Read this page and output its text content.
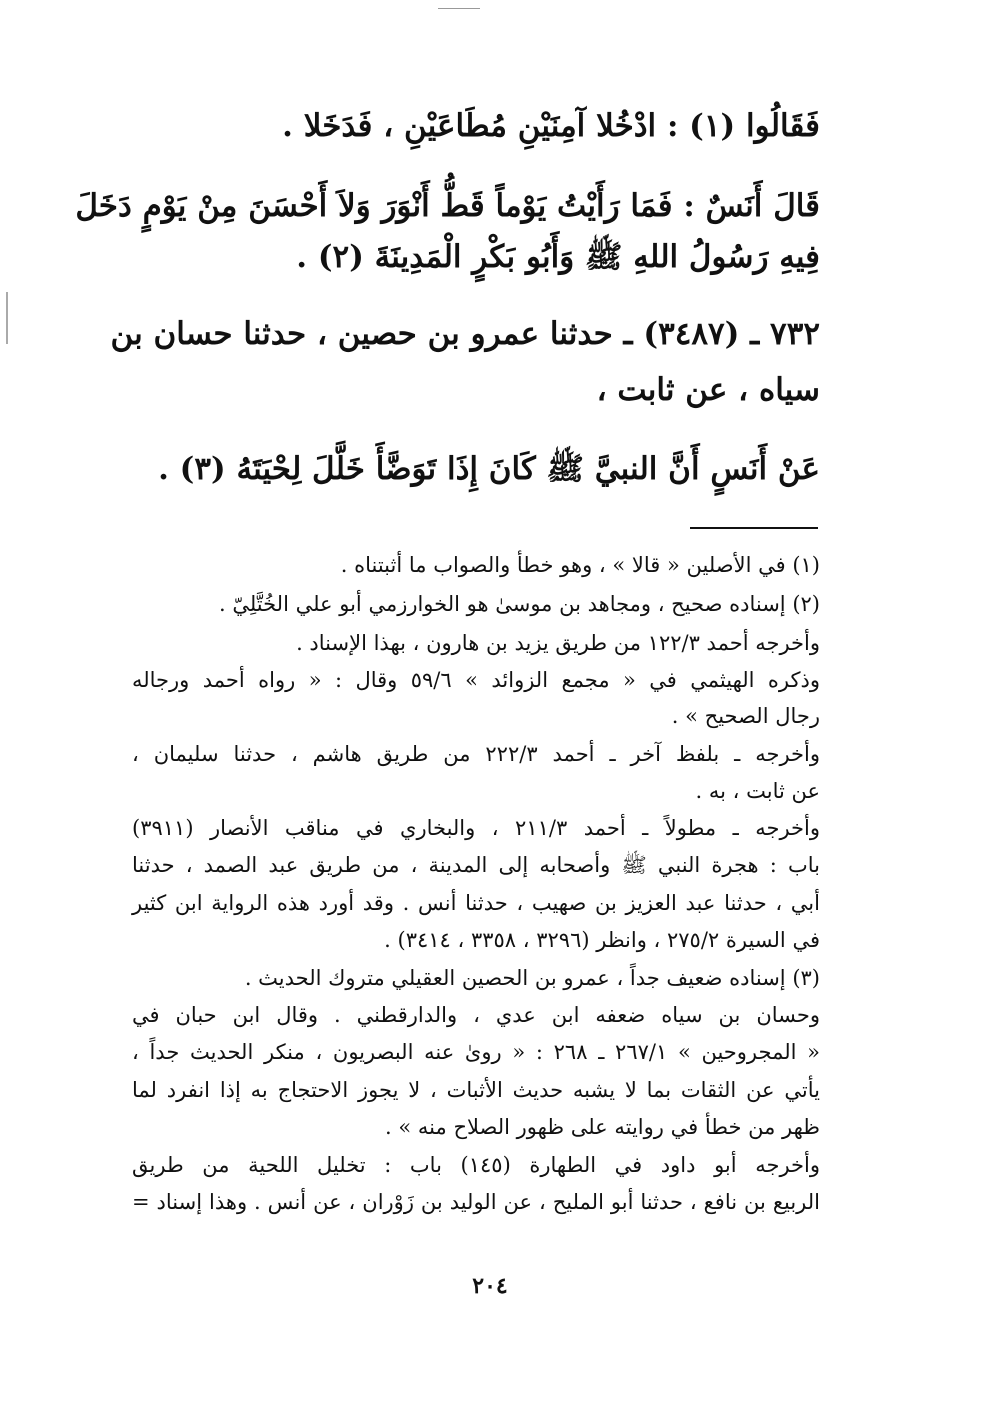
فَقَالُوا (١) : ادْخُلا آمِنَيْنِ مُطَاعَيْنِ ، فَدَخَلا .

قَالَ أَنَسٌ : فَمَا رَأَيْتُ يَوْماً قَطُّ أَنْوَرَ وَلاَ أَحْسَنَ مِنْ يَوْمٍ دَخَلَ

فِيهِ رَسُولُ اللهِ ﷺ وَأَبُو بَكْرٍ الْمَدِينَةَ (٢) .

٧٣٢ ـ (٣٤٨٧) ـ حدثنا عمرو بن حصين ، حدثنا حسان بن

سياه ، عن ثابت ،

عَنْ أَنَسٍ أَنَّ النبيَّ ﷺ كَانَ إِذَا تَوَضَّأَ خَلَّلَ لِحْيَتَهُ (٣) .

(١) في الأصلين « قالا » ، وهو خطأ والصواب ما أثبتناه .

(٢) إسناده صحيح ، ومجاهد بن موسىٰ هو الخوارزمي أبو علي الخُتَّلِيّ .

وأخرجه أحمد ١٢٢/٣ من طريق يزيد بن هارون ، بهذا الإسناد .

وذكره الهيثمي في « مجمع الزوائد » ٥٩/٦ وقال : « رواه أحمد ورجاله

رجال الصحيح » .

وأخرجه ـ بلفظ آخر ـ أحمد ٢٢٢/٣ من طريق هاشم ، حدثنا سليمان ،

عن ثابت ، به .

وأخرجه ـ مطولاً ـ أحمد ٢١١/٣ ، والبخاري في مناقب الأنصار (٣٩١١)

باب : هجرة النبي ﷺ وأصحابه إلى المدينة ، من طريق عبد الصمد ، حدثنا

أبي ، حدثنا عبد العزيز بن صهيب ، حدثنا أنس . وقد أورد هذه الرواية ابن كثير

في السيرة ٢٧٥/٢ ، وانظر (٣٢٩٦ ، ٣٣٥٨ ، ٣٤١٤) .

(٣) إسناده ضعيف جداً ، عمرو بن الحصين العقيلي متروك الحديث .

وحسان بن سياه ضعفه ابن عدي ، والدارقطني . وقال ابن حبان في

« المجروحين » ٢٦٧/١ ـ ٢٦٨ : « روىٰ عنه البصريون ، منكر الحديث جداً ،

يأتي عن الثقات بما لا يشبه حديث الأثبات ، لا يجوز الاحتجاج به إذا انفرد لما

ظهر من خطأ في روايته على ظهور الصلاح منه » .

وأخرجه أبو داود في الطهارة (١٤٥) باب : تخليل اللحية من طريق

الربيع بن نافع ، حدثنا أبو المليح ، عن الوليد بن زَوْران ، عن أنس . وهذا إسناد =

٢٠٤
